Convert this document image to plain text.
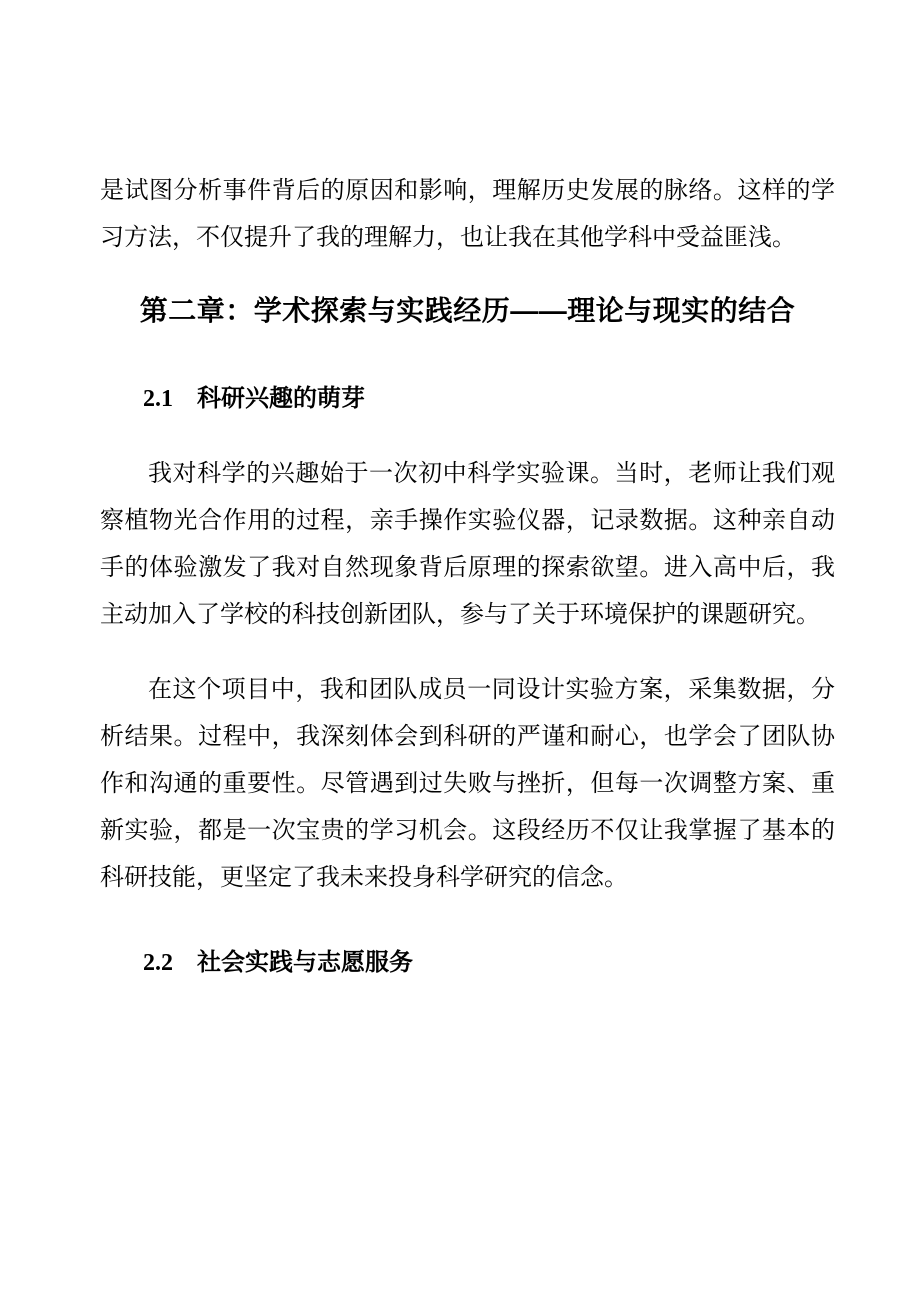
是试图分析事件背后的原因和影响，理解历史发展的脉络。这样的学习方法，不仅提升了我的理解力，也让我在其他学科中受益匪浅。

第二章：学术探索与实践经历——理论与现实的结合
2.1 科研兴趣的萌芽

我对科学的兴趣始于一次初中科学实验课。当时，老师让我们观察植物光合作用的过程，亲手操作实验仪器，记录数据。这种亲自动手的体验激发了我对自然现象背后原理的探索欲望。进入高中后，我主动加入了学校的科技创新团队，参与了关于环境保护的课题研究。

在这个项目中，我和团队成员一同设计实验方案，采集数据，分析结果。过程中，我深刻体会到科研的严谨和耐心，也学会了团队协作和沟通的重要性。尽管遇到过失败与挫折，但每一次调整方案、重新实验，都是一次宝贵的学习机会。这段经历不仅让我掌握了基本的科研技能，更坚定了我未来投身科学研究的信念。

2.2 社会实践与志愿服务
